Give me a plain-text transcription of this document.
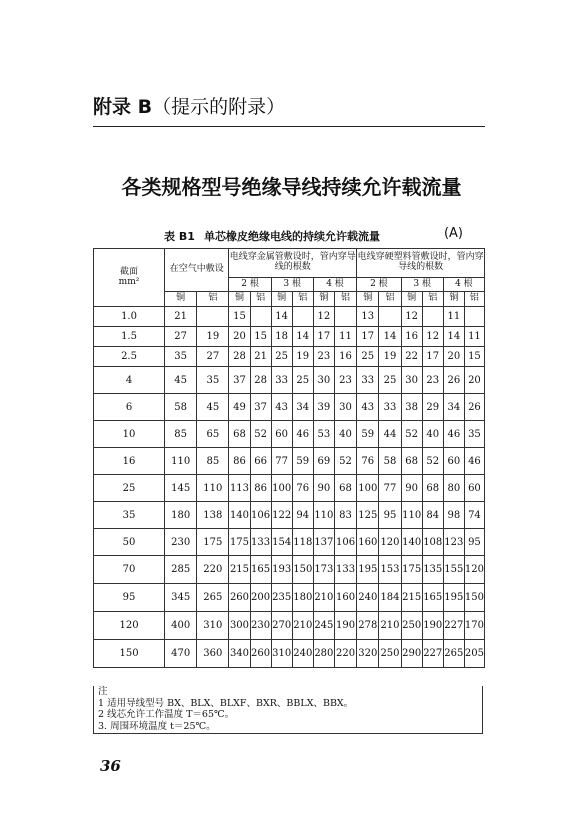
附录 B（提示的附录）
各类规格型号绝缘导线持续允许载流量
表 B1 单芯橡皮绝缘电线的持续允许载流量	(A)
截面
mm²	在空气中敷设		电线穿金属管敷设时，管内穿导线的根数						电线穿硬塑料管敷设时，管内穿导线的根数					
			2 根		3 根		4 根		2 根		3 根		4 根	
	铜	铝	铜	铝	铜	铝	铜	铝	铜	铝	铜	铝	铜	铝
1.0	21		15		14		12		13		12		11	
1.5	27	19	20	15	18	14	17	11	17	14	16	12	14	11
2.5	35	27	28	21	25	19	23	16	25	19	22	17	20	15
4	45	35	37	28	33	25	30	23	33	25	30	23	26	20
6	58	45	49	37	43	34	39	30	43	33	38	29	34	26
10	85	65	68	52	60	46	53	40	59	44	52	40	46	35
16	110	85	86	66	77	59	69	52	76	58	68	52	60	46
25	145	110	113	86	100	76	90	68	100	77	90	68	80	60
35	180	138	140	106	122	94	110	83	125	95	110	84	98	74
50	230	175	175	133	154	118	137	106	160	120	140	108	123	95
70	285	220	215	165	193	150	173	133	195	153	175	135	155	120
95	345	265	260	200	235	180	210	160	240	184	215	165	195	150
120	400	310	300	230	270	210	245	190	278	210	250	190	227	170
150	470	360	340	260	310	240	280	220	320	250	290	227	265	205
注
1 适用导线型号 BX、BLX、BLXF、BXR、BBLX、BBX。
2 线芯允许工作温度 T＝65℃。
3. 周围环境温度 t＝25℃。
36
